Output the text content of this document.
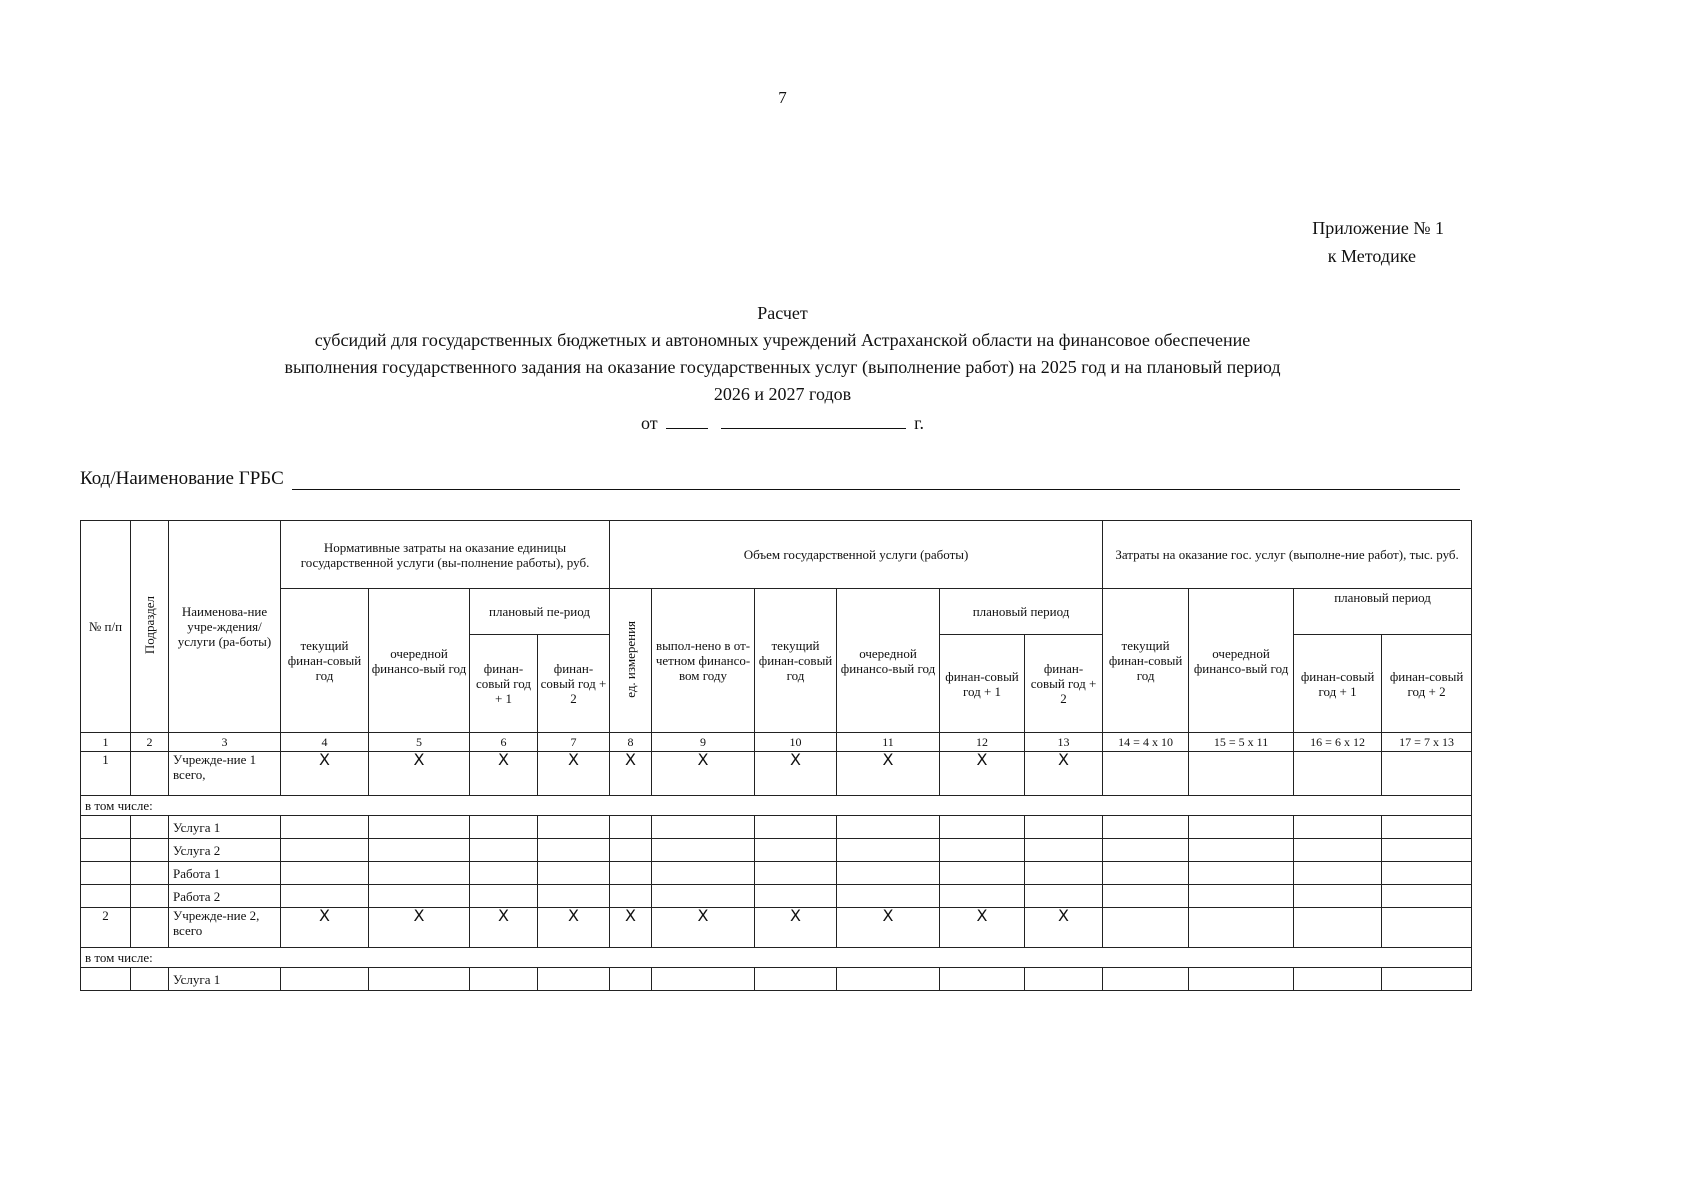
7
Приложение № 1
к Методике
Расчет
субсидий для государственных бюджетных и автономных учреждений Астраханской области на финансовое обеспечение
выполнения государственного задания на оказание государственных услуг (выполнение работ) на 2025 год и на плановый период
2026 и 2027 годов
от	г.
Код/Наименование ГРБС
№ п/п	Подраздел	Наименова-ние учре-ждения/ услуги (ра-боты)	Нормативные затраты на оказание единицы государственной услуги (вы-полнение работы), руб.				Объем государственной услуги (работы)						Затраты на оказание гос. услуг (выполне-ние работ), тыс. руб.			
			текущий финан-совый год	очередной финансо-вый год	плановый пе-риод		ед. измерения	выпол-нено в от-четном финансо-вом году	текущий финан-совый год	очередной финансо-вый год	плановый период		текущий финан-совый год	очередной финансо-вый год	плановый период	
					финан-совый год + 1	финан-совый год + 2					финан-совый год + 1	финан-совый год + 2			финан-совый год + 1	финан-совый год + 2
1	2	3	4	5	6	7	8	9	10	11	12	13	14 = 4 x 10	15 = 5 x 11	16 = 6 x 12	17 = 7 x 13
1		Учрежде-ние 1 всего,	X	X	X	X	X	X	X	X	X	X				
в том числе:																
		Услуга 1														
		Услуга 2														
		Работа 1														
		Работа 2														
2		Учрежде-ние 2, всего	X	X	X	X	X	X	X	X	X	X				
в том числе:																
		Услуга 1														
